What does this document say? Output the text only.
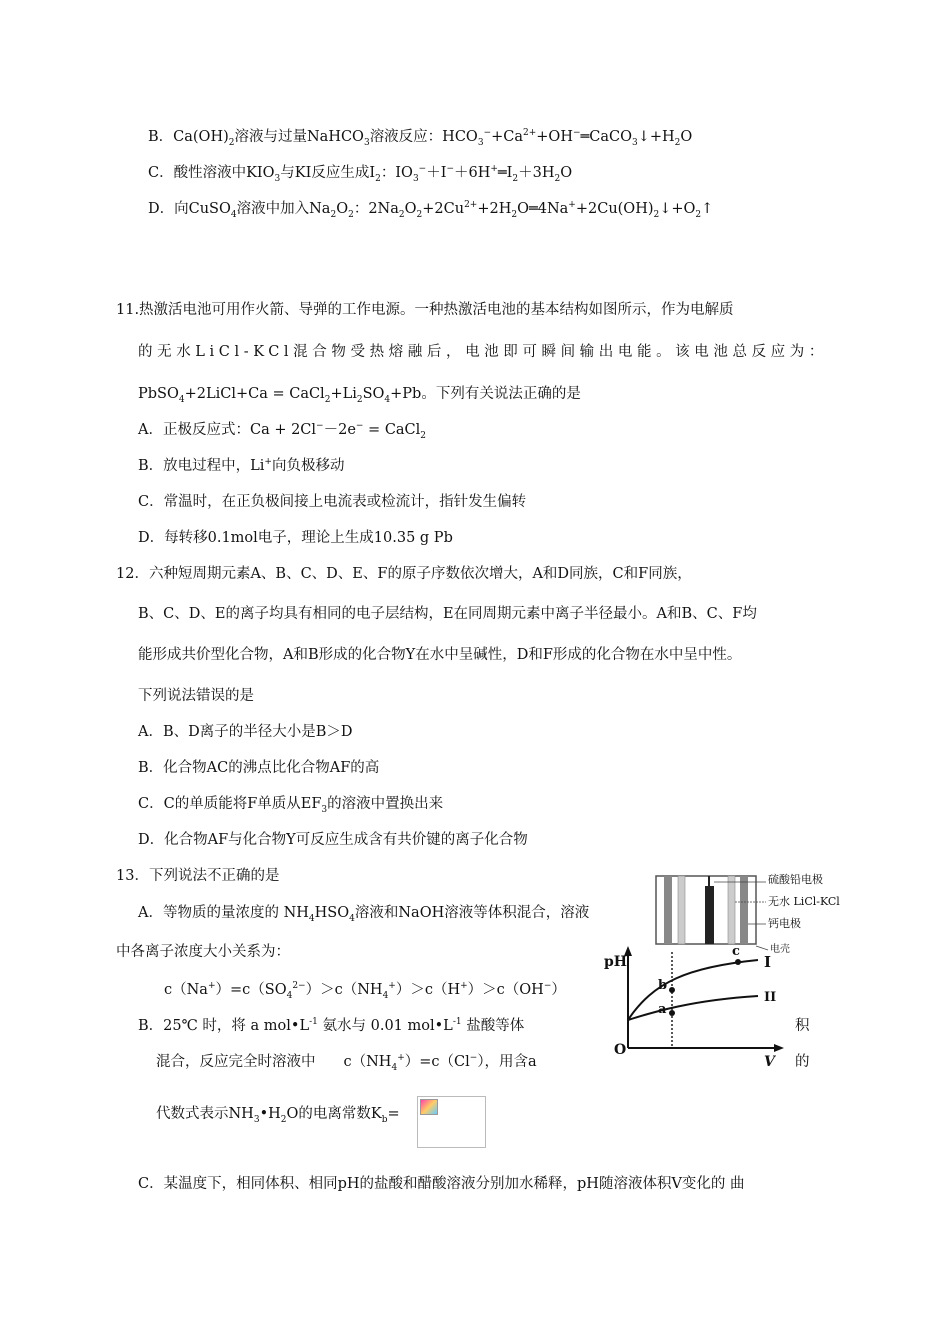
B．$Ca(OH)_2$溶液与过量NaHCO$_3$溶液反应：$HCO_3^-+Ca^{2+}+OH^-═CaCO_3↓+H_2O$
C．酸性溶液中$KIO_3$与KI反应生成$I_2$：$IO_3^-+I^-+6H^+═I_2+3H_2O$
D．向CuSO$_4$溶液中加入$Na_2O_2$：$2Na_2O_2+2Cu^{2+}+2H_2O═4Na^++2Cu(OH)_2↓+O_2↑$
11.热激活电池可用作火箭、导弹的工作电源。一种热激活电池的基本结构如图所示，作为电解质
的无水LiCl-KCl混合物受热熔融后，电池即可瞬间输出电能。该电池总反应为：
PbSO$_4$+2LiCl+Ca = $CaCl_2+Li_2SO_4+Pb$。下列有关说法正确的是
A．正极反应式：Ca + 2Cl−－2e− = CaCl$_2$
B．放电过程中，Li+向负极移动
C．常温时，在正负极间接上电流表或检流计，指针发生偏转
D．每转移0.1mol电子，理论上生成10.35 g Pb
12．六种短周期元素A、B、C、D、E、F的原子序数依次增大，A和D同族，C和F同族，
B、C、D、E的离子均具有相同的电子层结构，E在同周期元素中离子半径最小。A和B、C、F均
能形成共价型化合物，A和B形成的化合物Y在水中呈碱性，D和F形成的化合物在水中呈中性。
下列说法错误的是
A．B、D离子的半径大小是B＞D
B．化合物AC的沸点比化合物AF的高
C．C的单质能将F单质从$EF_3$的溶液中置换出来
D．化合物AF与化合物Y可反应生成含有共价键的离子化合物
13．下列说法不正确的是
A．等物质的量浓度的 $NH_4HSO_4$溶液和NaOH溶液等体积混合，溶液
中各离子浓度大小关系为：
$c(Na^+)=c(SO_4^{2-})>c(NH_4^+)>c(H^+)>c(OH^-)$
B．25℃ 时，将 a $mol•L^{-1}$ 氨水与 0.01 $mol•L^{-1}$ 盐酸等体	积
混合，反应完全时溶液中 $c(NH_4^+)=c(Cl^-)$，用含a	的
代数式表示$NH_3•H_2O$的电离常数$K_b=$
C．某温度下，相同体积、相同pH的盐酸和醋酸溶液分别加水稀释，pH随溶液体积V变化的 曲
硫酸铅电极
无水 LiCl-KCl
钙电极
电壳
pH
V
O
I
II
a
b
c
